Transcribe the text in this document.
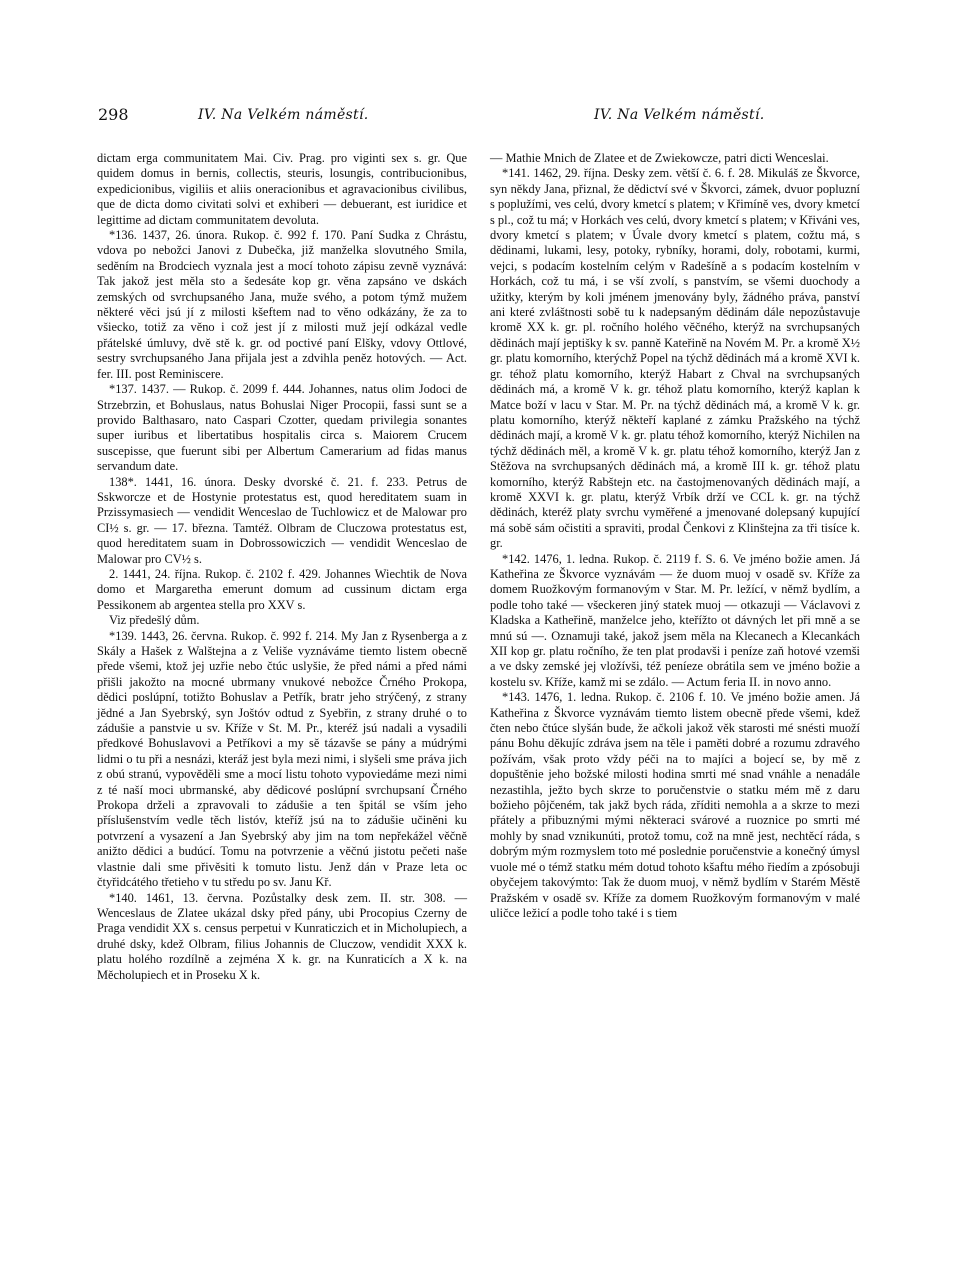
298	IV. Na Velkém náměstí.	IV. Na Velkém náměstí.

dictam erga communitatem Mai. Civ. Prag. pro viginti sex s. gr. Que quidem domus in bernis, collectis, steuris, losungis, contribucionibus, expedicionibus, vigiliis et aliis oneracionibus et agravacionibus civilibus, que de dicta domo civitati solvi et exhiberi — debuerant, est iuridice et legittime ad dictam communitatem devoluta.

*136. 1437, 26. února. Rukop. č. 992 f. 170. Paní Sudka z Chrástu, vdova po nebožci Janovi z Dubečka, již manželka slovutného Smila, seděním na Brodciech vyznala jest a mocí tohoto zápisu zevně vyznává: Tak jakož jest měla sto a šedesáte kop gr. věna zapsáno ve dskách zemských od svrchupsaného Jana, muže svého, a potom týmž mužem některé věci jsú jí z milosti kšeftem nad to věno odkázány, že za to všiecko, totiž za věno i což jest jí z milosti muž její odkázal vedle přátelské úmluvy, dvě stě k. gr. od poctivé paní Elšky, vdovy Ottlové, sestry svrchupsaného Jana přijala jest a zdvihla peněz hotových. — Act. fer. III. post Reminiscere.

*137. 1437. — Rukop. č. 2099 f. 444. Johannes, natus olim Jodoci de Strzebrzin, et Bohuslaus, natus Bohuslai Niger Procopii, fassi sunt se a provido Balthasaro, nato Caspari Czotter, quedam privilegia sonantes super iuribus et libertatibus hospitalis circa s. Maiorem Crucem suscepisse, que fuerunt sibi per Albertum Camerarium ad fidas manus servandum date.

138*. 1441, 16. února. Desky dvorské č. 21. f. 233. Petrus de Sskworcze et de Hostynie protestatus est, quod hereditatem suam in Przissymasiech — vendidit Wenceslao de Tuchlowicz et de Malowar pro CI½ s. gr. — 17. března. Tamtéž. Olbram de Cluczowa protestatus est, quod hereditatem suam in Dobrossowiczich — vendidit Wenceslao de Malowar pro CV½ s.

2. 1441, 24. října. Rukop. č. 2102 f. 429. Johannes Wiechtik de Nova domo et Margaretha emerunt domum ad cussinum dictam erga Pessikonem ab argentea stella pro XXV s.

Viz předešlý dům.

*139. 1443, 26. června. Rukop. č. 992 f. 214. My Jan z Rysenberga a z Skály a Hašek z Walštejna a z Veliše vyznáváme tiemto listem obecně přede všemi, ktož jej uzřie nebo čtúc uslyšie, že před námi a před námi přišli jakožto na mocné ubrmany vnukové nebožce Črného Prokopa, dědici poslúpní, totižto Bohuslav a Petřík, bratr jeho strýčený, z strany jědné a Jan Syebrský, syn Joštóv odtud z Syebřin, z strany druhé o to zádušie a panstvie u sv. Kříže v St. M. Pr., kteréž jsú nadali a vysadili předkové Bohuslavovi a Petříkovi a my sě tázavše se pány a múdrými lidmi o tu při a nesnázi, kteráž jest byla mezi nimi, i slyšeli sme práva jich z obú stranú, vypověděli sme a mocí listu tohoto vypoviedáme mezi nimi z té naší moci ubrmanské, aby dědicové poslúpní svrchupsaní Črného Prokopa drželi a zpravovali to zádušie a ten špitál se vším jeho příslušenstvím vedle těch listóv, kteříž jsú na to zádušie učiněni ku potvrzení a vysazení a Jan Syebrský aby jim na tom nepřekážel věčně anižto dědici a budúcí. Tomu na potvrzenie a věčnú jistotu pečeti naše vlastnie dali sme přivěsiti k tomuto listu. Jenž dán v Praze leta oc čtyřidcátého třetieho v tu středu po sv. Janu Kř.

*140. 1461, 13. června. Pozůstalky desk zem. II. str. 308. — Wenceslaus de Zlatee ukázal dsky před pány, ubi Procopius Czerny de Praga vendidit XX s. census perpetui v Kunraticzich et in Micholupiech, a druhé dsky, kdež Olbram, filius Johannis de Cluczow, vendidit XXX k. platu holého rozdílně a zejména X k. gr. na Kunraticích a X k. na Měcholupiech et in Proseku X k.

— Mathie Mnich de Zlatee et de Zwiekowcze, patri dicti Wenceslai.

*141. 1462, 29. října. Desky zem. větší č. 6. f. 28. Mikuláš ze Škvorce, syn někdy Jana, přiznal, že dědictví své v Škvorci, zámek, dvuor popluzní s poplužími, ves celú, dvory kmetcí s platem; v Křimíně ves, dvory kmetcí s pl., což tu má; v Horkách ves celú, dvory kmetcí s platem; v Křiváni ves, dvory kmetcí s platem; v Úvale dvory kmetcí s platem, cožtu má, s dědinami, lukami, lesy, potoky, rybníky, horami, doly, robotami, kurmi, vejci, s podacím kostelním celým v Radešíně a s podacím kostelním v Horkách, což tu má, i se vší zvolí, s panstvím, se všemi duochody a užitky, kterým by koli jménem jmenovány byly, žádného práva, panství ani které zvláštnosti sobě tu k nadepsaným dědinám dále nepozůstavuje kromě XX k. gr. pl. ročního holého věčného, kterýž na svrchupsaných dědinách mají jeptišky k sv. panně Kateřině na Novém M. Pr. a kromě X½ gr. platu komorního, kterýchž Popel na týchž dědinách má a kromě XVI k. gr. téhož platu komorního, kterýž Habart z Chval na svrchupsaných dědinách má, a kromě V k. gr. téhož platu komorního, kterýž kaplan k Matce boží v lacu v Star. M. Pr. na týchž dědinách má, a kromě V k. gr. platu komorního, kterýž někteří kaplané z zámku Pražského na týchž dědinách mají, a kromě V k. gr. platu téhož komorního, kterýž Nichilen na týchž dědinách měl, a kromě V k. gr. platu téhož komorního, kterýž Jan z Stěžova na svrchupsaných dědinách má, a kromě III k. gr. téhož platu komorního, kterýž Rabštejn etc. na častojmenovaných dědinách mají, a kromě XXVI k. gr. platu, kterýž Vrbík drží ve CCL k. gr. na týchž dědinách, kteréž platy svrchu vyměřené a jmenované dolepsaný kupující má sobě sám očistiti a spraviti, prodal Čenkovi z Klinštejna za tři tisíce k. gr.

*142. 1476, 1. ledna. Rukop. č. 2119 f. S. 6. Ve jméno božie amen. Já Katheřina ze Škvorce vyznávám — že duom muoj v osadě sv. Kříže za domem Ruožkovým formanovým v Star. M. Pr. ležící, v němž bydlím, a podle toho také — všeckeren jiný statek muoj — otkazuji — Václavovi z Kladska a Katheřině, manželce jeho, kteřížto ot dávných let při mně a se mnú sú —. Oznamuji také, jakož jsem měla na Klecanech a Klecankách XII kop gr. platu ročního, že ten plat prodavši i peníze zaň hotové vzemši a ve dsky zemské jej vložívši, též peníeze obrátila sem ve jméno božie a kostelu sv. Kříže, kamž mi se zdálo. — Actum feria II. in novo anno.

*143. 1476, 1. ledna. Rukop. č. 2106 f. 10. Ve jméno božie amen. Já Katheřina z Škvorce vyznávám tiemto listem obecně přede všemi, kdež čten nebo čtúce slyšán bude, že ačkoli jakož věk starosti mé snésti muoží pánu Bohu děkujíc zdráva jsem na těle i paměti dobré a rozumu zdravého požívám, však proto vždy péči na to majíci a bojecí se, by mě z dopuštěnie jeho božské milosti hodina smrti mé snad vnáhle a nenadále nezastihla, ježto bych skrze to poručenstvie o statku mém mě z daru božieho pôjčeném, tak jakž bych ráda, zříditi nemohla a a skrze to mezi přátely a přibuznými mými některaci svárové a ruoznice po smrti mé mohly by snad vznikunúti, protož tomu, což na mně jest, nechtěcí ráda, s dobrým mým rozmyslem toto mé poslednie poručenstvie a konečný úmysl vuole mé o témž statku mém dotud tohoto kšaftu mého řiedím a zpósobuji obyčejem takovýmto: Tak že duom muoj, v němž bydlím v Starém Městě Pražském v osadě sv. Kříže za domem Ruožkovým formanovým v malé uličce ležicí a podle toho také i s tiem
